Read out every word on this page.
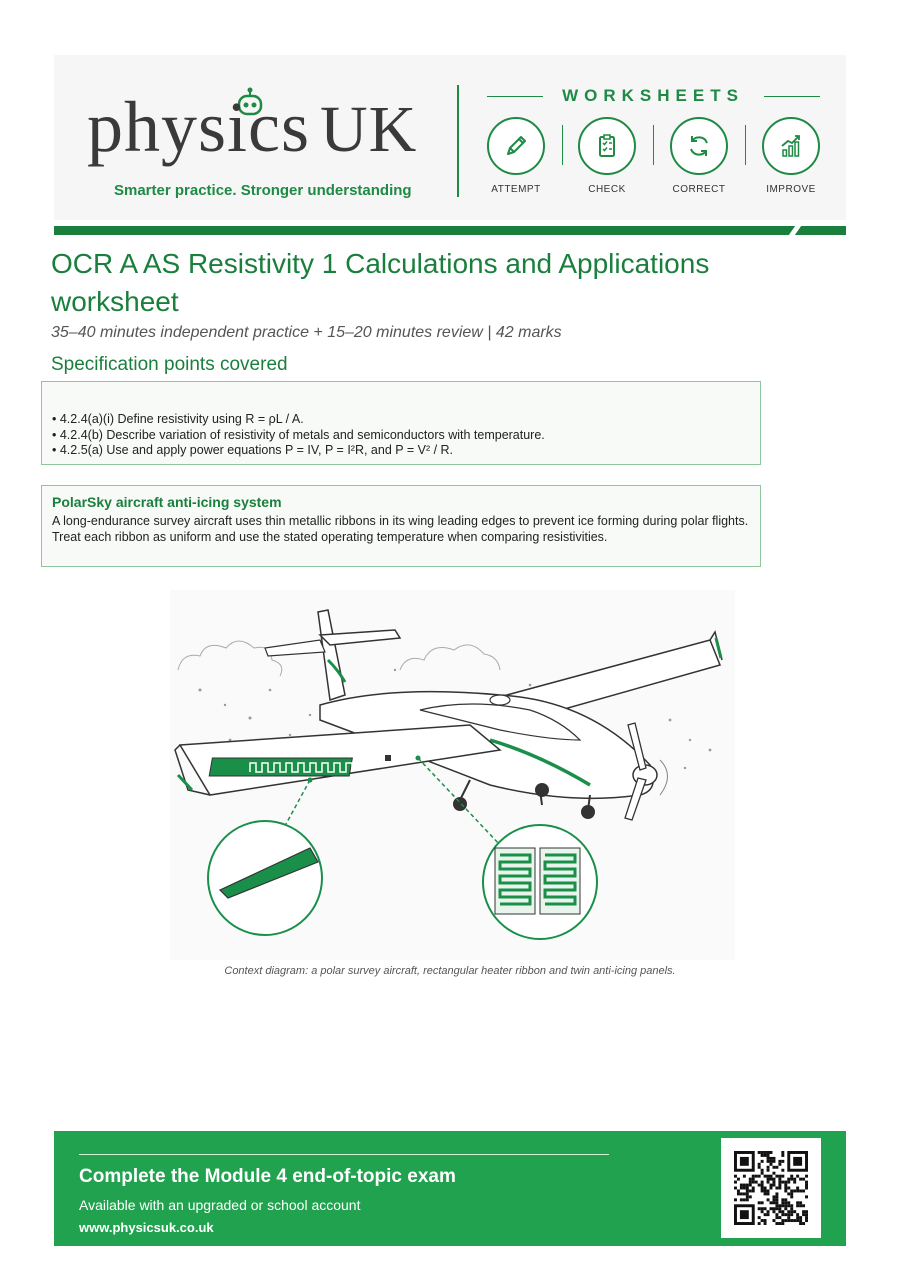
physics UK
Smarter practice. Stronger understanding
WORKSHEETS
ATTEMPT	CHECK	CORRECT	IMPROVE
OCR A AS Resistivity 1 Calculations and Applications worksheet
35–40 minutes independent practice + 15–20 minutes review | 42 marks
Specification points covered
• 4.2.4(a)(i) Define resistivity using R = ρL / A.
• 4.2.4(b) Describe variation of resistivity of metals and semiconductors with temperature.
• 4.2.5(a) Use and apply power equations P = IV, P = I²R, and P = V² / R.
PolarSky aircraft anti-icing system
A long-endurance survey aircraft uses thin metallic ribbons in its wing leading edges to prevent ice forming during polar flights.
Treat each ribbon as uniform and use the stated operating temperature when comparing resistivities.
Context diagram: a polar survey aircraft, rectangular heater ribbon and twin anti-icing panels.
Complete the Module 4 end-of-topic exam
Available with an upgraded or school account
www.physicsuk.co.uk
